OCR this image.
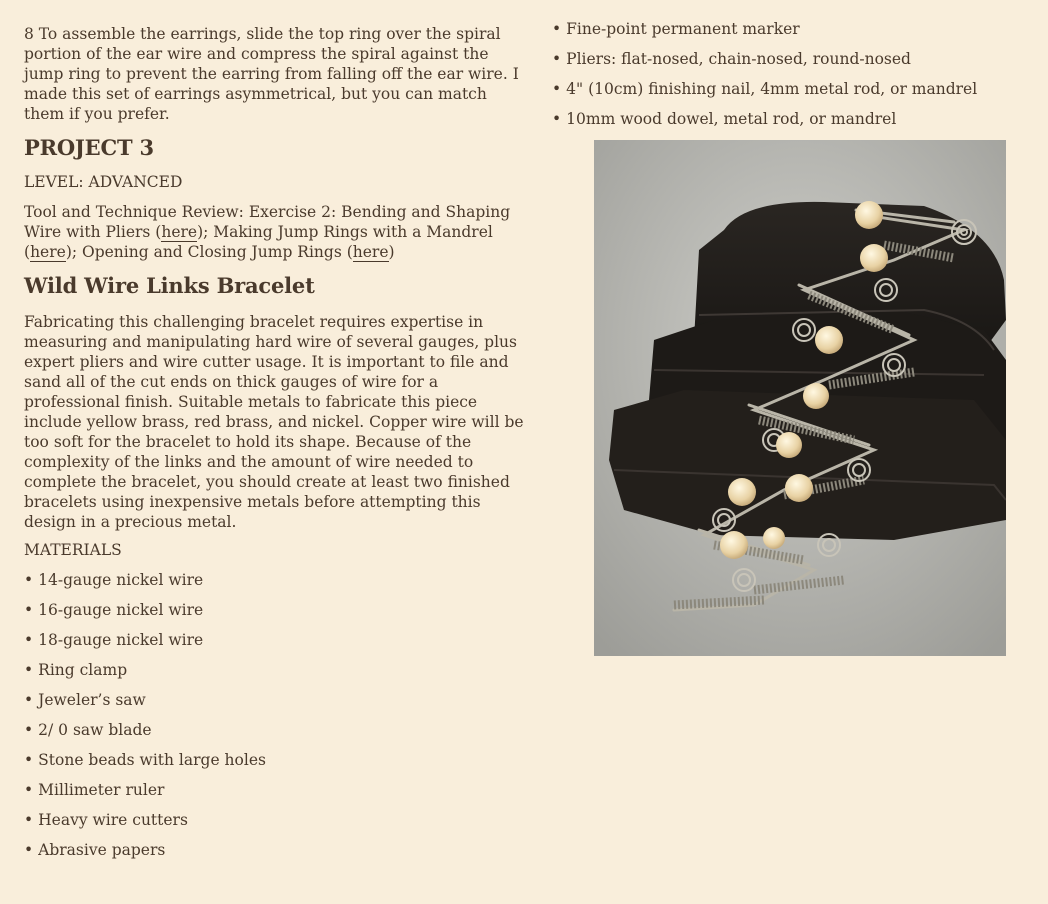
8 To assemble the earrings, slide the top ring over the spiral portion of the ear wire and compress the spiral against the jump ring to prevent the earring from falling off the ear wire. I made this set of earrings asymmetrical, but you can match them if you prefer.

PROJECT 3

LEVEL: ADVANCED

Tool and Technique Review: Exercise 2: Bending and Shaping Wire with Pliers (here); Making Jump Rings with a Mandrel (here); Opening and Closing Jump Rings (here)

Wild Wire Links Bracelet

Fabricating this challenging bracelet requires expertise in measuring and manipulating hard wire of several gauges, plus expert pliers and wire cutter usage. It is important to file and sand all of the cut ends on thick gauges of wire for a professional finish. Suitable metals to fabricate this piece include yellow brass, red brass, and nickel. Copper wire will be too soft for the bracelet to hold its shape. Because of the complexity of the links and the amount of wire needed to complete the bracelet, you should create at least two finished bracelets using inexpensive metals before attempting this design in a precious metal.

MATERIALS

• 14-gauge nickel wire
• 16-gauge nickel wire
• 18-gauge nickel wire
• Ring clamp
• Jeweler’s saw
• 2/ 0 saw blade
• Stone beads with large holes
• Millimeter ruler
• Heavy wire cutters
• Abrasive papers
• Fine-point permanent marker
• Pliers: flat-nosed, chain-nosed, round-nosed
• 4" (10cm) finishing nail, 4mm metal rod, or mandrel
• 10mm wood dowel, metal rod, or mandrel
